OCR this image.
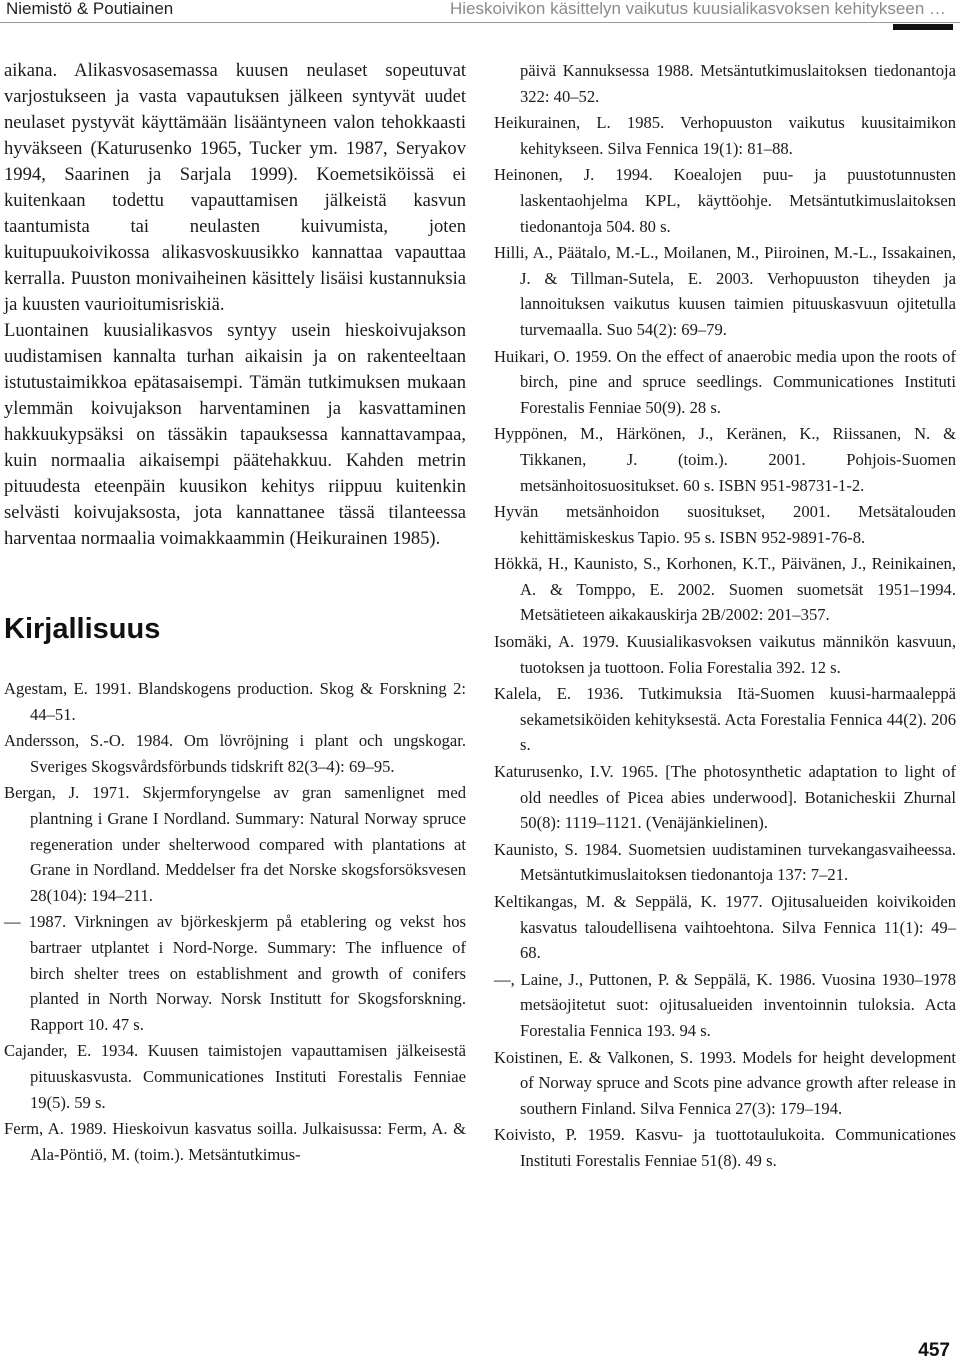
Niemistö & Poutiainen	Hieskoivikon käsittelyn vaikutus kuusialikasvoksen kehitykseen …

aikana. Alikasvosasemassa kuusen neulaset sopeutuvat varjostukseen ja vasta vapautuksen jälkeen syntyvät uudet neulaset pystyvät käyttämään lisääntyneen valon tehokkaasti hyväkseen (Katurusenko 1965, Tucker ym. 1987, Seryakov 1994, Saarinen ja Sarjala 1999). Koemetsiköissä ei kuitenkaan todettu vapauttamisen jälkeistä kasvun taantumista tai neulasten kuivumista, joten kuitupuukoivikossa alikasvoskuusikko kannattaa vapauttaa kerralla. Puuston monivaiheinen käsittely lisäisi kustannuksia ja kuusten vaurioitumisriskiä.

Luontainen kuusialikasvos syntyy usein hieskoivujakson uudistamisen kannalta turhan aikaisin ja on rakenteeltaan istutustaimikkoa epätasaisempi. Tämän tutkimuksen mukaan ylemmän koivujakson harventaminen ja kasvattaminen hakkuukypsäksi on tässäkin tapauksessa kannattavampaa, kuin normaalia aikaisempi päätehakkuu. Kahden metrin pituudesta eteenpäin kuusikon kehitys riippuu kuitenkin selvästi koivujaksosta, jota kannattanee tässä tilanteessa harventaa normaalia voimakkaammin (Heikurainen 1985).

Kirjallisuus
Agestam, E. 1991. Blandskogens production. Skog & Forskning 2: 44–51.
Andersson, S.-O. 1984. Om lövröjning i plant och ungskogar. Sveriges Skogsvårdsförbunds tidskrift 82(3–4): 69–95.
Bergan, J. 1971. Skjermforyngelse av gran samenlignet med plantning i Grane I Nordland. Summary: Natural Norway spruce regeneration under shelterwood compared with plantations at Grane in Nordland. Meddelser fra det Norske skogsforsöksvesen 28(104): 194–211.
— 1987. Virkningen av björkeskjerm på etablering og vekst hos bartraer utplantet i Nord-Norge. Summary: The influence of birch shelter trees on establishment and growth of conifers planted in North Norway. Norsk Institutt for Skogsforskning. Rapport 10. 47 s.
Cajander, E. 1934. Kuusen taimistojen vapauttamisen jälkeisestä pituuskasvusta. Communicationes Instituti Forestalis Fenniae 19(5). 59 s.
Ferm, A. 1989. Hieskoivun kasvatus soilla. Julkaisussa: Ferm, A. & Ala-Pöntiö, M. (toim.). Metsäntutkimus-
päivä Kannuksessa 1988. Metsäntutkimuslaitoksen tiedonantoja 322: 40–52.
Heikurainen, L. 1985. Verhopuuston vaikutus kuusitaimikon kehitykseen. Silva Fennica 19(1): 81–88.
Heinonen, J. 1994. Koealojen puu- ja puustotunnusten laskentaohjelma KPL, käyttöohje. Metsäntutkimuslaitoksen tiedonantoja 504. 80 s.
Hilli, A., Päätalo, M.-L., Moilanen, M., Piiroinen, M.-L., Issakainen, J. & Tillman-Sutela, E. 2003. Verhopuuston tiheyden ja lannoituksen vaikutus kuusen taimien pituuskasvuun ojitetulla turvemaalla. Suo 54(2): 69–79.
Huikari, O. 1959. On the effect of anaerobic media upon the roots of birch, pine and spruce seedlings. Communicationes Instituti Forestalis Fenniae 50(9). 28 s.
Hyppönen, M., Härkönen, J., Keränen, K., Riissanen, N. & Tikkanen, J. (toim.). 2001. Pohjois-Suomen metsänhoitosuositukset. 60 s. ISBN 951-98731-1-2.
Hyvän metsänhoidon suositukset, 2001. Metsätalouden kehittämiskeskus Tapio. 95 s. ISBN 952-9891-76-8.
Hökkä, H., Kaunisto, S., Korhonen, K.T., Päivänen, J., Reinikainen, A. & Tomppo, E. 2002. Suomen suometsät 1951–1994. Metsätieteen aikakauskirja 2B/2002: 201–357.
Isomäki, A. 1979. Kuusialikasvoksen vaikutus männikön kasvuun, tuotoksen ja tuottoon. Folia Forestalia 392. 12 s.
Kalela, E. 1936. Tutkimuksia Itä-Suomen kuusi-harmaaleppä sekametsiköiden kehityksestä. Acta Forestalia Fennica 44(2). 206 s.
Katurusenko, I.V. 1965. [The photosynthetic adaptation to light of old needles of Picea abies underwood]. Botanicheskii Zhurnal 50(8): 1119–1121. (Venäjänkielinen).
Kaunisto, S. 1984. Suometsien uudistaminen turvekangasvaiheessa. Metsäntutkimuslaitoksen tiedonantoja 137: 7–21.
Keltikangas, M. & Seppälä, K. 1977. Ojitusalueiden koivikoiden kasvatus taloudellisena vaihtoehtona. Silva Fennica 11(1): 49–68.
—, Laine, J., Puttonen, P. & Seppälä, K. 1986. Vuosina 1930–1978 metsäojitetut suot: ojitusalueiden inventoinnin tuloksia. Acta Forestalia Fennica 193. 94 s.
Koistinen, E. & Valkonen, S. 1993. Models for height development of Norway spruce and Scots pine advance growth after release in southern Finland. Silva Fennica 27(3): 179–194.
Koivisto, P. 1959. Kasvu- ja tuottotaulukoita. Communicationes Instituti Forestalis Fenniae 51(8). 49 s.
457
